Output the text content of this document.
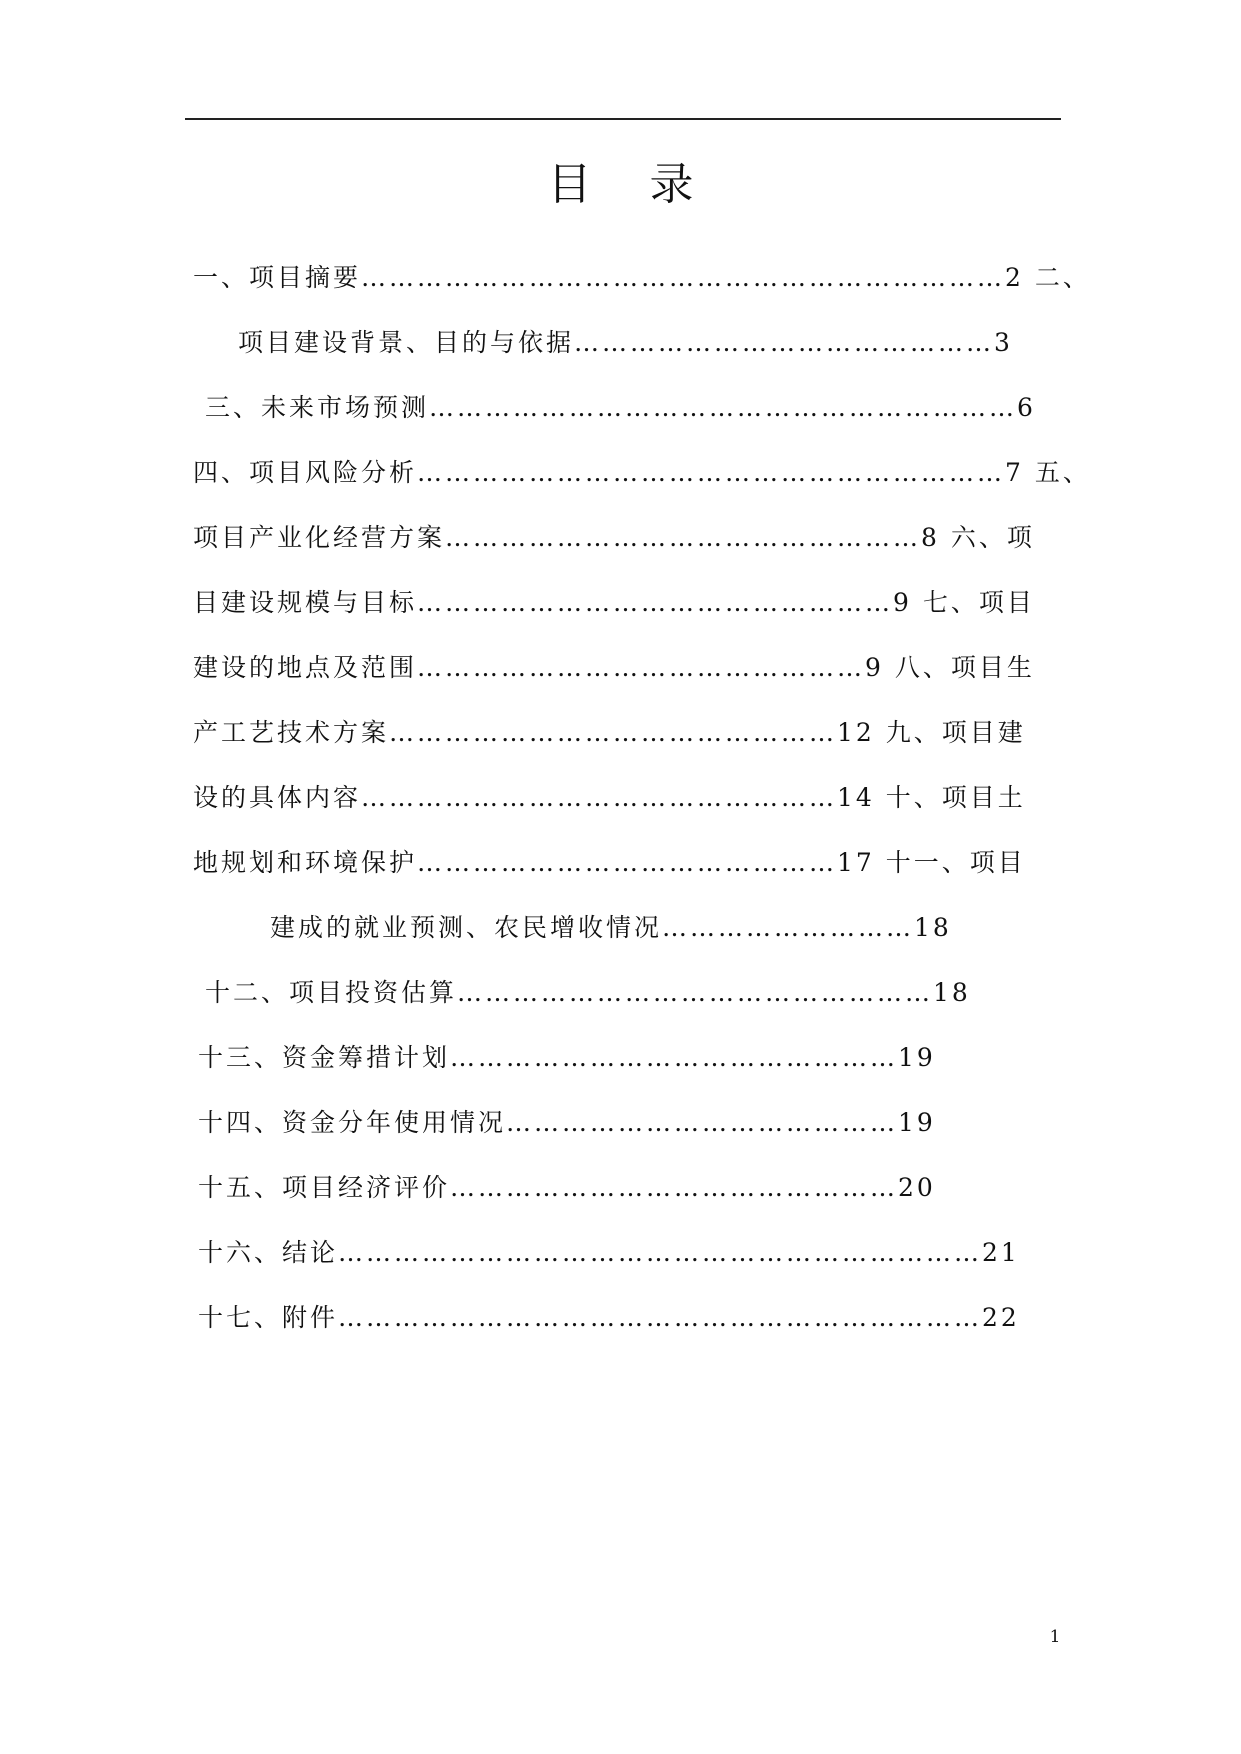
目 录
一、项目摘要……………………………………………………………2 二、
项目建设背景、目的与依据………………………………………3
三、未来市场预测………………………………………………………6
四、项目风险分析………………………………………………………7 五、
项目产业化经营方案……………………………………………8 六、项
目建设规模与目标……………………………………………9 七、项目
建设的地点及范围…………………………………………9 八、项目生
产工艺技术方案…………………………………………12 九、项目建
设的具体内容……………………………………………14 十、项目土
地规划和环境保护………………………………………17 十一、项目
建成的就业预测、农民增收情况………………………18
十二、项目投资估算……………………………………………18
十三、资金筹措计划…………………………………………19
十四、资金分年使用情况……………………………………19
十五、项目经济评价…………………………………………20
十六、结论……………………………………………………………21
十七、附件……………………………………………………………22
1
